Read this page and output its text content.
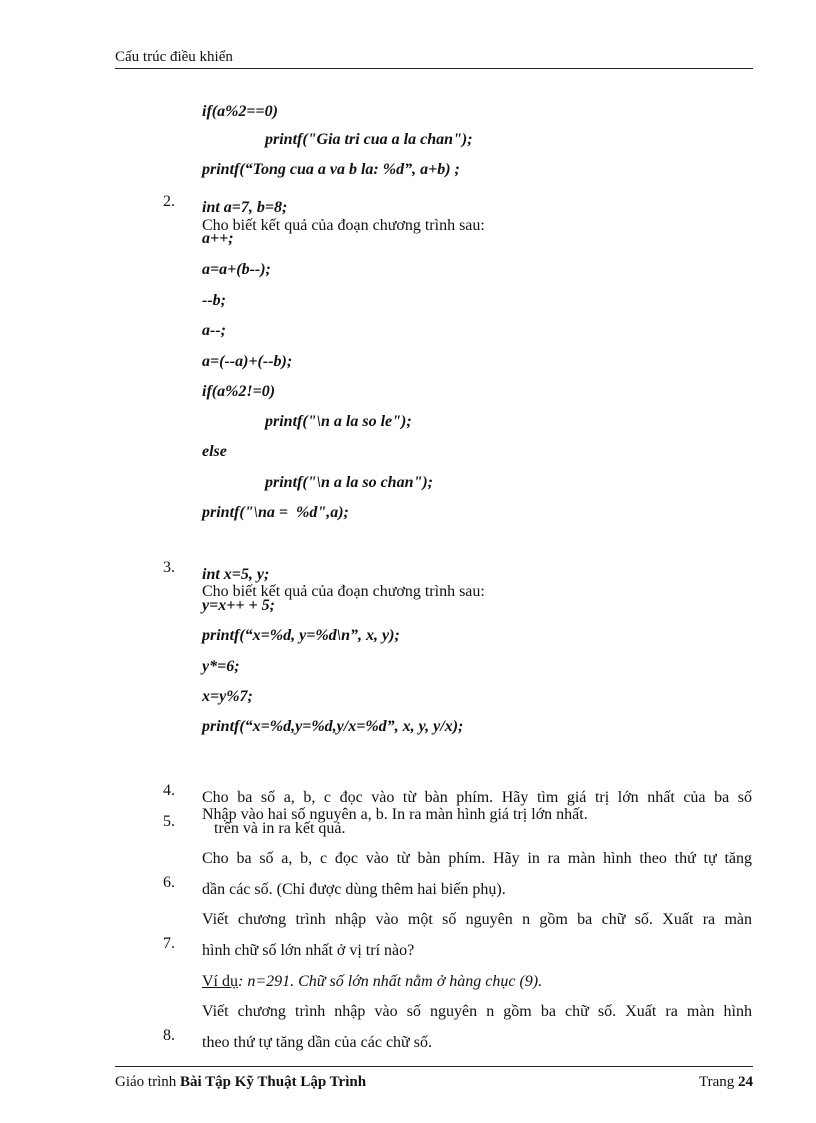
Cấu trúc điều khiển

if(a%2==0)

printf("Gia tri cua a la chan");

printf(“Tong cua a va b la: %d”, a+b) ;

2.

Cho biết kết quả của đoạn chương trình sau:

int a=7, b=8;
a++;
a=a+(b--);
--b;
a--;
a=(--a)+(--b);
if(a%2!=0)
printf("\n a la so le");
else
printf("\n a la so chan");
printf("\na =  %d",a);

3.

Cho biết kết quả của đoạn chương trình sau:

int x=5, y;
y=x++ + 5;
printf(“x=%d, y=%d\n”, x, y);
y*=6;
x=y%7;
printf(“x=%d,y=%d,y/x=%d”, x, y, y/x);

4.

Nhập vào hai số nguyên a, b. In ra màn hình giá trị lớn nhất.

5.

Cho ba số a, b, c đọc vào từ bàn phím. Hãy tìm giá trị lớn nhất của ba số
trên và in ra kết quả.

6.

Cho ba số a, b, c đọc vào từ bàn phím. Hãy in ra màn hình theo thứ tự tăng
dần các số. (Chỉ được dùng thêm hai biến phụ).

7.

Viết chương trình nhập vào một số nguyên n gồm ba chữ số. Xuất ra màn
hình chữ số lớn nhất ở vị trí nào?
Ví dụ: n=291. Chữ số lớn nhất nằm ở hàng chục (9).

8.

Viết chương trình nhập vào số nguyên n gồm ba chữ số. Xuất ra màn hình
theo thứ tự tăng dần của các chữ số.
Giáo trình Bài Tập Kỹ Thuật Lập Trình	Trang 24
